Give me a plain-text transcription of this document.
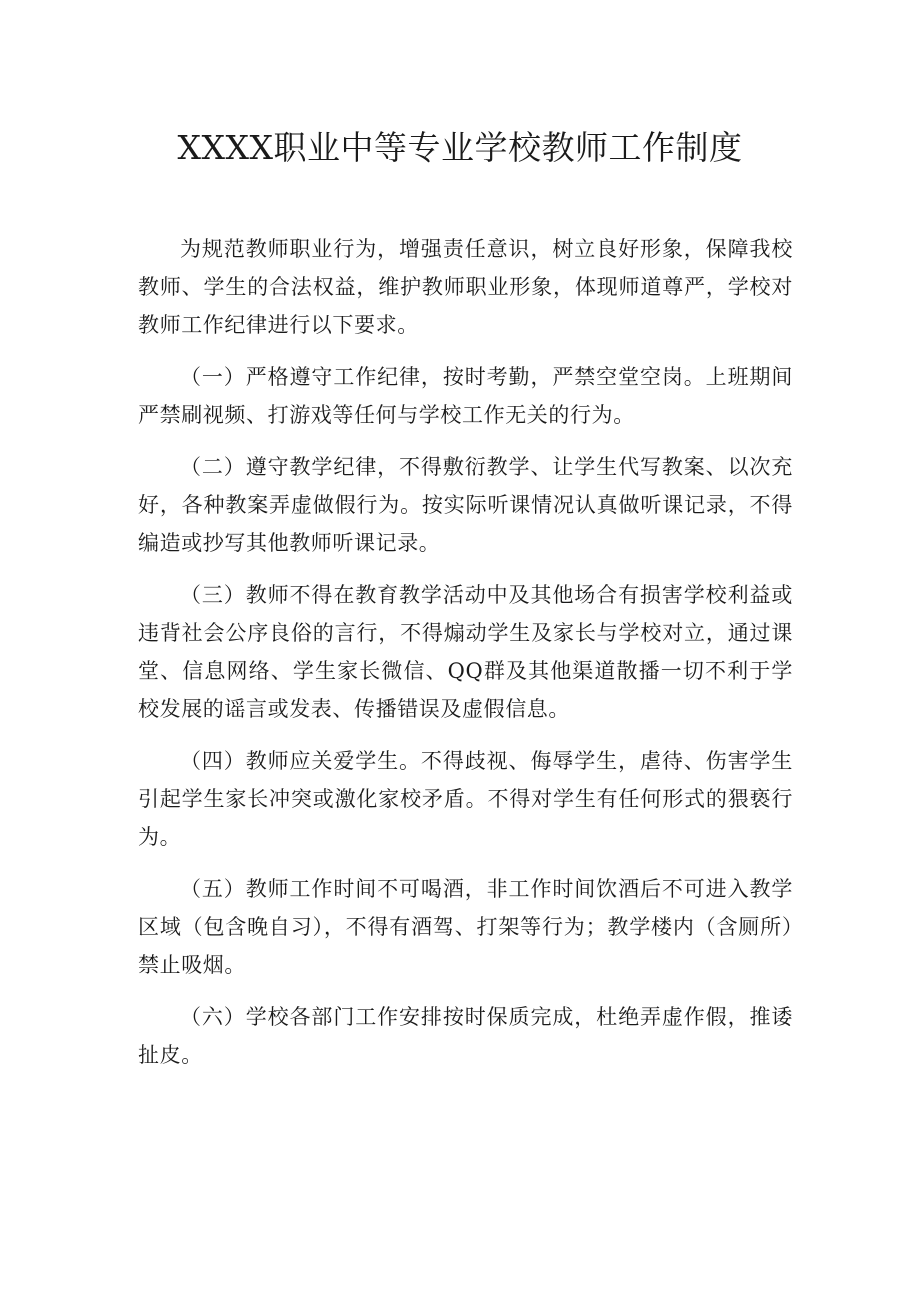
XXXX职业中等专业学校教师工作制度

为规范教师职业行为，增强责任意识，树立良好形象，保障我校教师、学生的合法权益，维护教师职业形象，体现师道尊严，学校对教师工作纪律进行以下要求。

（一）严格遵守工作纪律，按时考勤，严禁空堂空岗。上班期间严禁刷视频、打游戏等任何与学校工作无关的行为。

（二）遵守教学纪律，不得敷衍教学、让学生代写教案、以次充好，各种教案弄虚做假行为。按实际听课情况认真做听课记录，不得编造或抄写其他教师听课记录。

（三）教师不得在教育教学活动中及其他场合有损害学校利益或违背社会公序良俗的言行，不得煽动学生及家长与学校对立，通过课堂、信息网络、学生家长微信、QQ群及其他渠道散播一切不利于学校发展的谣言或发表、传播错误及虚假信息。

（四）教师应关爱学生。不得歧视、侮辱学生，虐待、伤害学生引起学生家长冲突或激化家校矛盾。不得对学生有任何形式的猥亵行为。

（五）教师工作时间不可喝酒，非工作时间饮酒后不可进入教学区域（包含晚自习），不得有酒驾、打架等行为；教学楼内（含厕所）禁止吸烟。

（六）学校各部门工作安排按时保质完成，杜绝弄虚作假，推诿扯皮。
